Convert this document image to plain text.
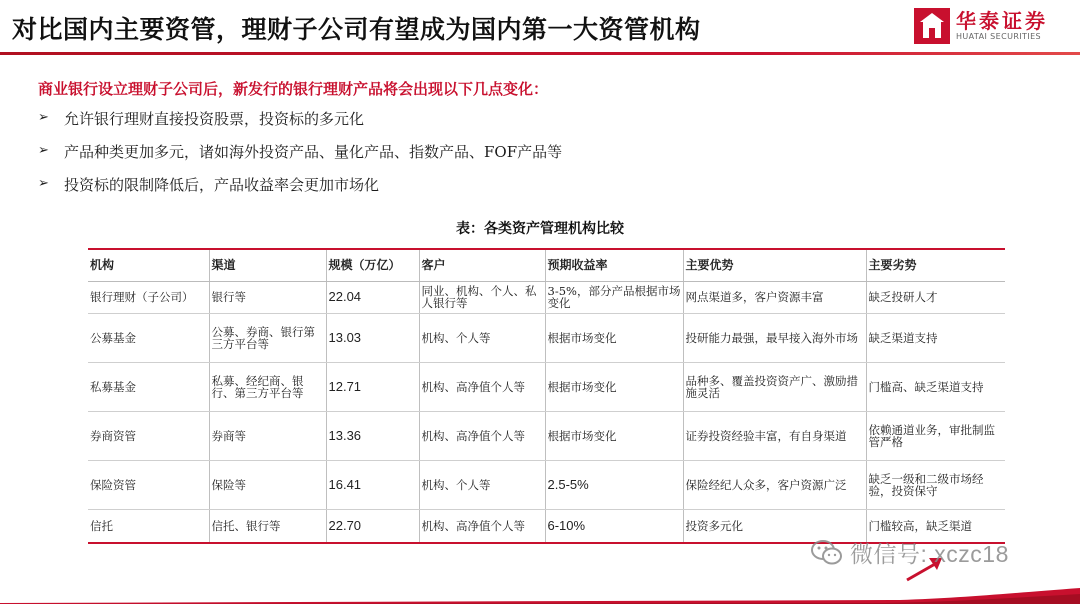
对比国内主要资管，理财子公司有望成为国内第一大资管机构	华泰证券
HUATAI SECURITIES
商业银行设立理财子公司后，新发行的银行理财产品将会出现以下几点变化：
➢	允许银行理财直接投资股票，投资标的多元化
➢	产品种类更加多元，诸如海外投资产品、量化产品、指数产品、FOF产品等
➢	投资标的限制降低后，产品收益率会更加市场化
表：各类资产管理机构比较
机构	渠道	规模（万亿）	客户	预期收益率	主要优势	主要劣势
银行理财（子公司）	银行等	22.04	同业、机构、个人、私人银行等	3-5%，部分产品根据市场变化	网点渠道多，客户资源丰富	缺乏投研人才
公募基金	公募、券商、银行第三方平台等	13.03	机构、个人等	根据市场变化	投研能力最强，最早接入海外市场	缺乏渠道支持
私募基金	私募、经纪商、银行、第三方平台等	12.71	机构、高净值个人等	根据市场变化	品种多、覆盖投资资产广、激励措施灵活	门槛高、缺乏渠道支持
券商资管	券商等	13.36	机构、高净值个人等	根据市场变化	证券投资经验丰富，有自身渠道	依赖通道业务，审批制监管严格
保险资管	保险等	16.41	机构、个人等	2.5-5%	保险经纪人众多，客户资源广泛	缺乏一级和二级市场经验，投资保守
信托	信托、银行等	22.70	机构、高净值个人等	6-10%	投资多元化	门槛较高，缺乏渠道
微信号: xczc18
